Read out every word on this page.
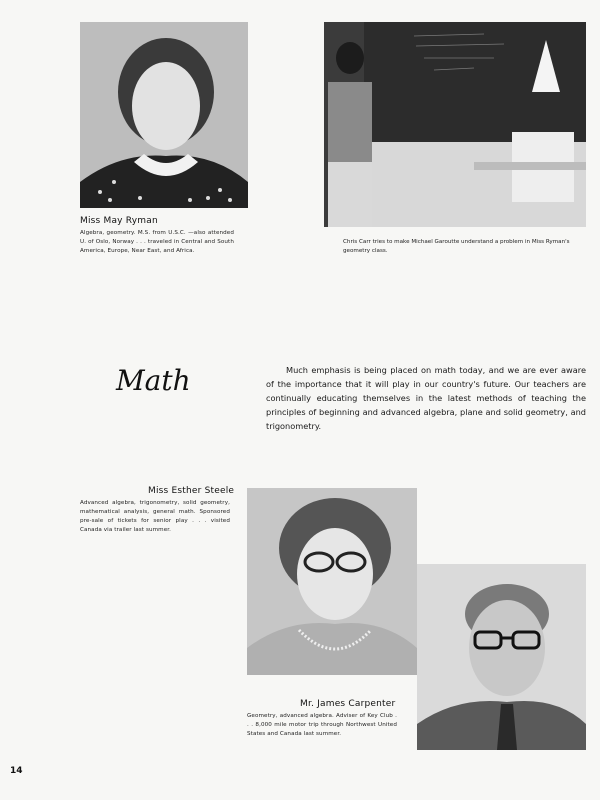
Miss May Ryman
Algebra, geometry. M.S. from U.S.C. —also attended U. of Oslo, Norway . . . traveled in Central and South America, Europe, Near East, and Africa.
Chris Carr tries to make Michael Garoutte understand a problem in Miss Ryman's geometry class.
Math	Much emphasis is being placed on math today, and we are ever aware of the importance that it will play in our country's future. Our teachers are continually educating themselves in the latest methods of teaching the principles of beginning and advanced algebra, plane and solid geometry, and trigonometry.
Miss Esther Steele
Advanced algebra, trigonometry, solid geometry, mathematical analysis, general math. Sponsored pre-sale of tickets for senior play . . . visited Canada via trailer last summer.
Mr. James Carpenter
Geometry, advanced algebra. Adviser of Key Club . . . 8,000 mile motor trip through Northwest United States and Canada last summer.
14
